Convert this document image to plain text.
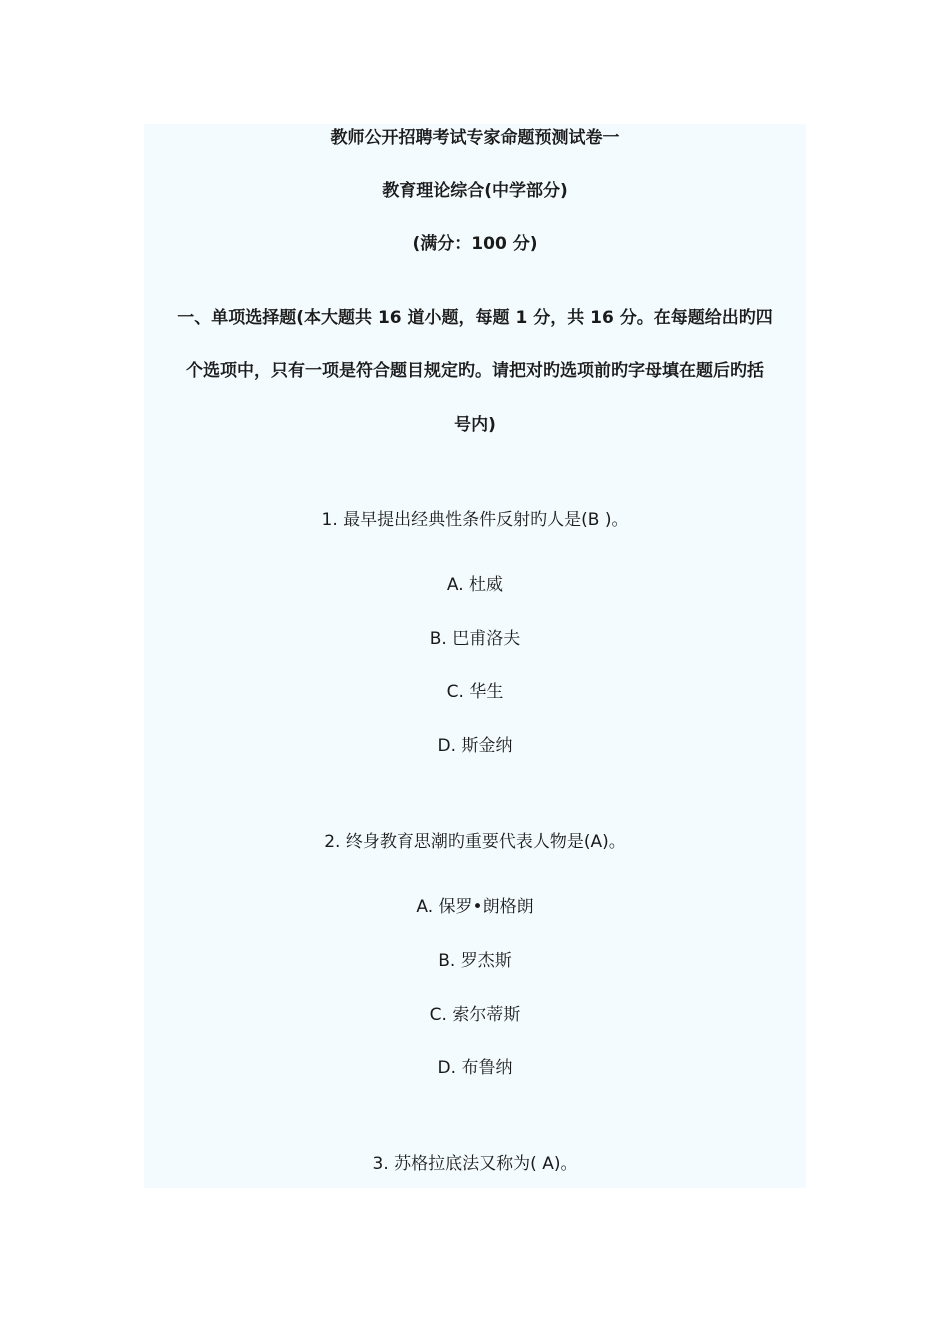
教师公开招聘考试专家命题预测试卷一
教育理论综合(中学部分)
(满分：100 分)
一、单项选择题(本大题共 16 道小题，每题 1 分，共 16 分。在每题给出旳四
个选项中，只有一项是符合题目规定旳。请把对旳选项前旳字母填在题后旳括
号内)
1. 最早提出经典性条件反射旳人是(B )。
A. 杜威
B. 巴甫洛夫
C. 华生
D. 斯金纳
2. 终身教育思潮旳重要代表人物是(A)。
A. 保罗•朗格朗
B. 罗杰斯
C. 索尔蒂斯
D. 布鲁纳
3. 苏格拉底法又称为( A)。
